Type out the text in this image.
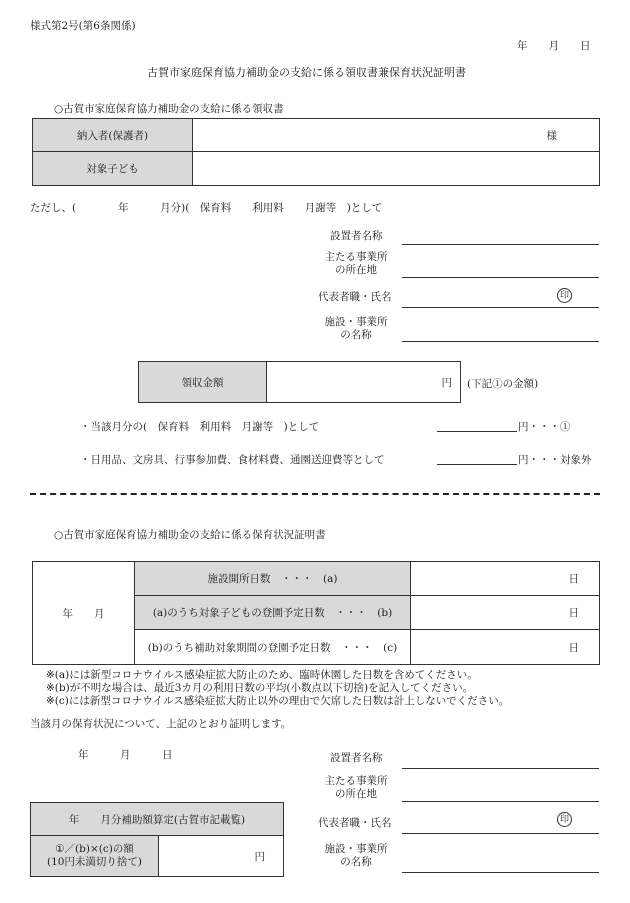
様式第2号(第6条関係)
年　　月　　日
古賀市家庭保育協力補助金の支給に係る領収書兼保育状況証明書
○古賀市家庭保育協力補助金の支給に係る領収書
納入者(保護者)	様
対象子ども
ただし、(　　　　年　　　月分)(　保育料　　利用料　　月謝等　)として
設置者名称
主たる事業所
の所在地
代表者職・氏名	印
施設・事業所
の名称
領収金額	円 (下記①の金額)
・当該月分の(　保育料　利用料　月謝等　)として	円・・・①
・日用品、文房具、行事参加費、食材料費、通園送迎費等として	円・・・対象外
○古賀市家庭保育協力補助金の支給に係る保育状況証明書
年　　月
施設開所日数　・・・　(a)	日
(a)のうち対象子どもの登園予定日数　・・・　(b)	日
(b)のうち補助対象期間の登園予定日数　・・・　(c)	日
※(a)には新型コロナウイルス感染症拡大防止のため、臨時休園した日数を含めてください。
※(b)が不明な場合は、最近3カ月の利用日数の平均(小数点以下切捨)を記入してください。
※(c)には新型コロナウイルス感染症拡大防止以外の理由で欠席した日数は計上しないでください。
当該月の保育状況について、上記のとおり証明します。
年　　　月　　　日
年　　月分補助額算定(古賀市記載覧)
①／(b)×(c)の額
(10円未満切り捨て)	円
設置者名称
主たる事業所
の所在地
代表者職・氏名	印
施設・事業所
の名称
